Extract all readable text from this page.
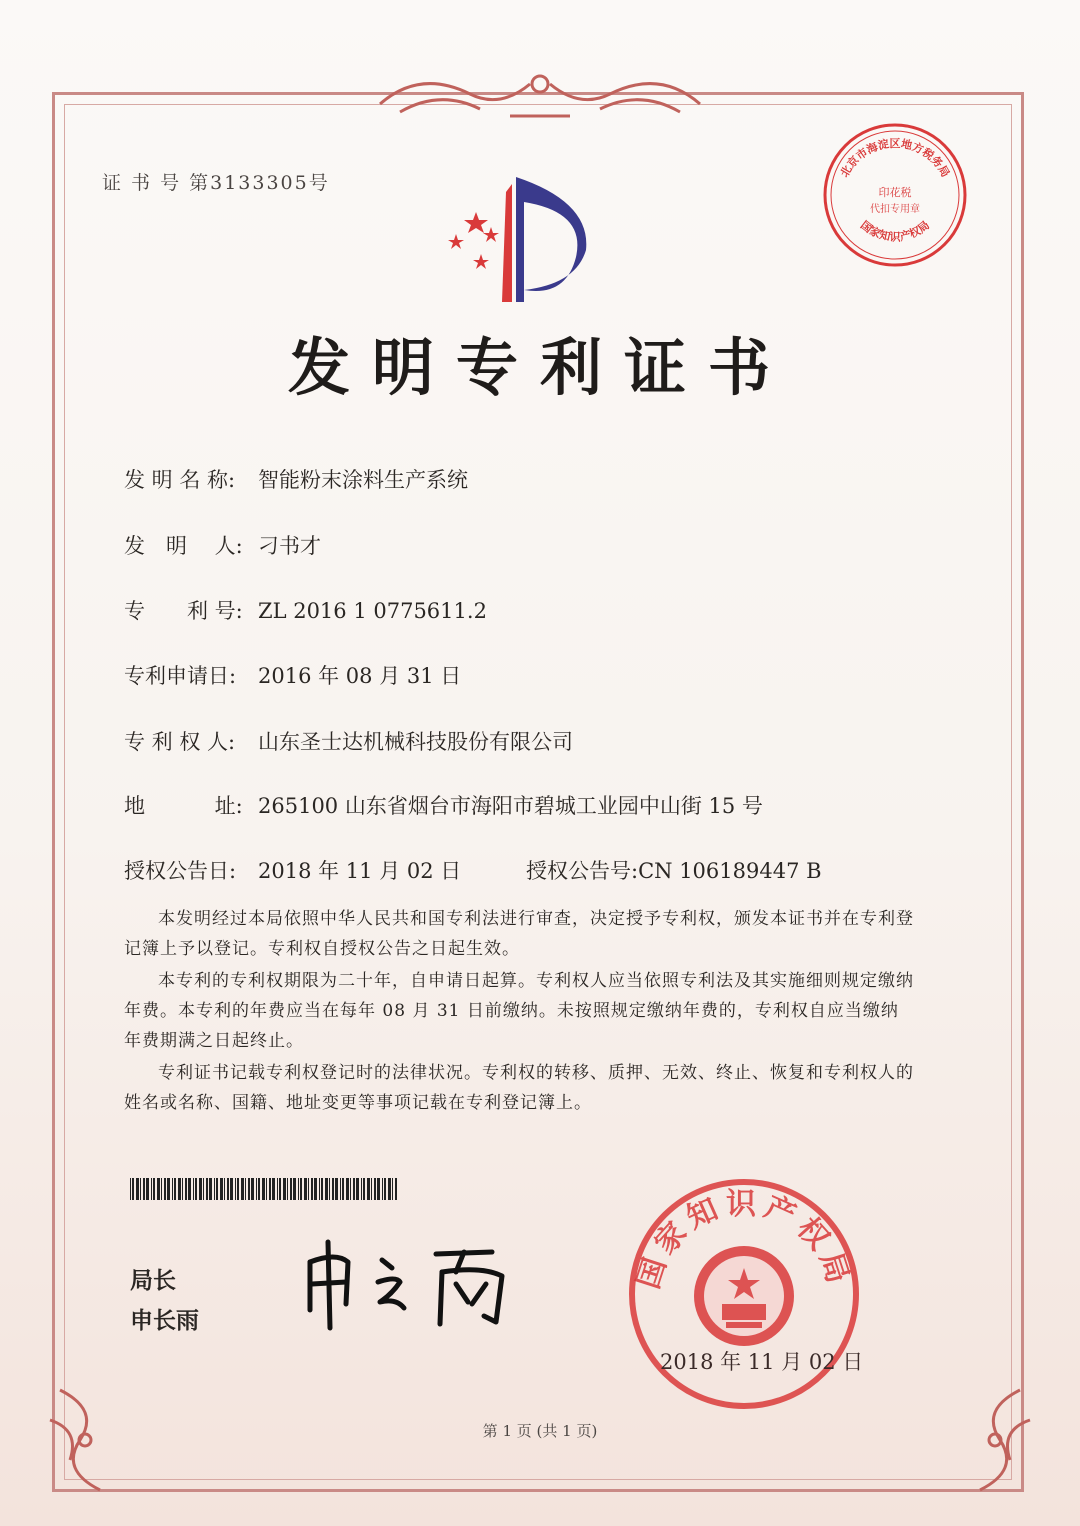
证 书 号 第3133305号
北京市海淀区地方税务局
印花税
代扣专用章
国家知识产权局
发明专利证书
发 明 名 称: 智能粉末涂料生产系统
发　明　 人: 刁书才
专　　利 号: ZL 2016 1 0775611.2
专利申请日: 2016 年 08 月 31 日
专 利 权 人: 山东圣士达机械科技股份有限公司
地　　　 址: 265100 山东省烟台市海阳市碧城工业园中山街 15 号
授权公告日: 2018 年 11 月 02 日	授权公告号:CN 106189447 B
本发明经过本局依照中华人民共和国专利法进行审查，决定授予专利权，颁发本证书并在专利登记簿上予以登记。专利权自授权公告之日起生效。
本专利的专利权期限为二十年，自申请日起算。专利权人应当依照专利法及其实施细则规定缴纳年费。本专利的年费应当在每年 08 月 31 日前缴纳。未按照规定缴纳年费的，专利权自应当缴纳年费期满之日起终止。
专利证书记载专利权登记时的法律状况。专利权的转移、质押、无效、终止、恢复和专利权人的姓名或名称、国籍、地址变更等事项记载在专利登记簿上。
局长
申长雨
国家知识产权局
2018 年 11 月 02 日
第 1 页 (共 1 页)
